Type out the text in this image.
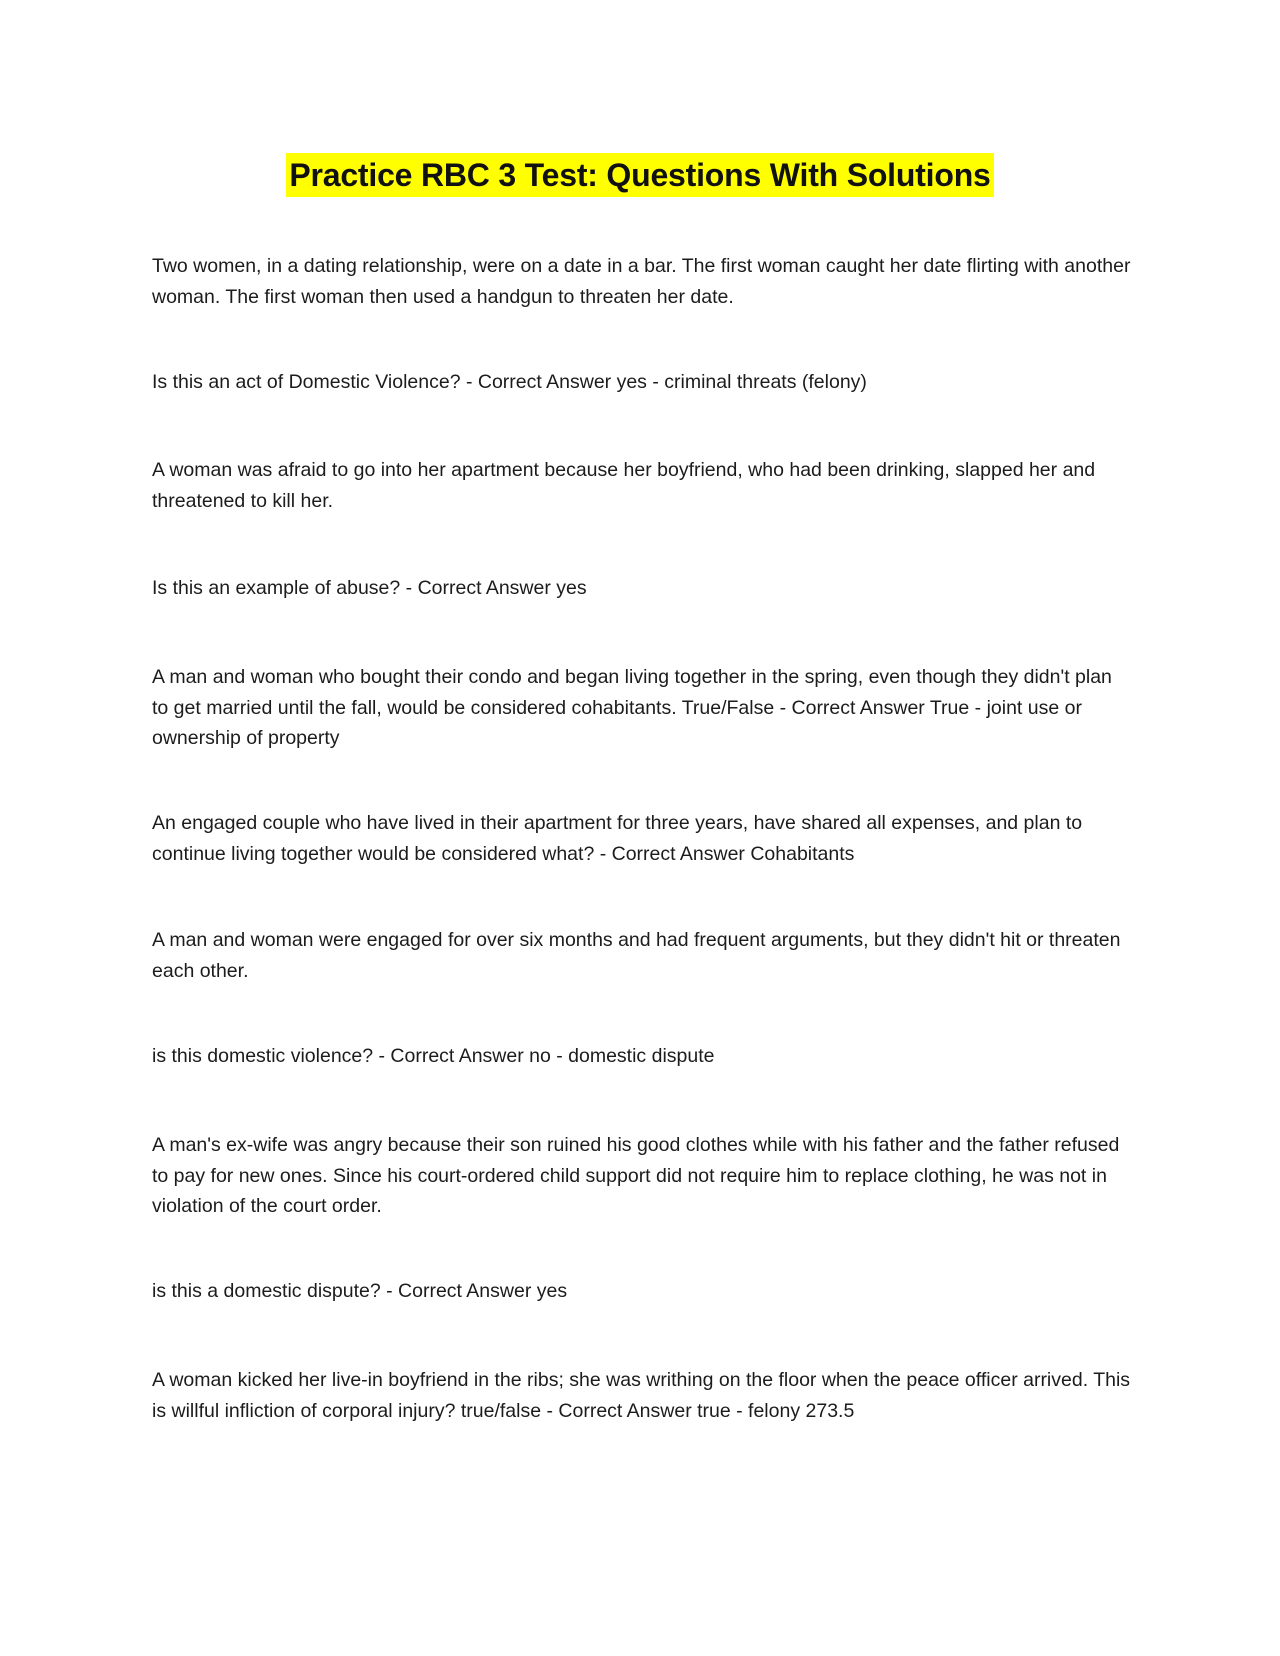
Practice RBC 3 Test: Questions With Solutions

Two women, in a dating relationship, were on a date in a bar. The first woman caught her date flirting with another woman. The first woman then used a handgun to threaten her date.

Is this an act of Domestic Violence? - Correct Answer yes - criminal threats (felony)

A woman was afraid to go into her apartment because her boyfriend, who had been drinking, slapped her and threatened to kill her.

Is this an example of abuse? - Correct Answer yes

A man and woman who bought their condo and began living together in the spring, even though they didn't plan to get married until the fall, would be considered cohabitants. True/False - Correct Answer True - joint use or ownership of property

An engaged couple who have lived in their apartment for three years, have shared all expenses, and plan to continue living together would be considered what? - Correct Answer Cohabitants

A man and woman were engaged for over six months and had frequent arguments, but they didn't hit or threaten each other.

is this domestic violence? - Correct Answer no - domestic dispute

A man's ex-wife was angry because their son ruined his good clothes while with his father and the father refused to pay for new ones. Since his court-ordered child support did not require him to replace clothing, he was not in violation of the court order.

is this a domestic dispute? - Correct Answer yes

A woman kicked her live-in boyfriend in the ribs; she was writhing on the floor when the peace officer arrived. This is willful infliction of corporal injury? true/false - Correct Answer true - felony 273.5
